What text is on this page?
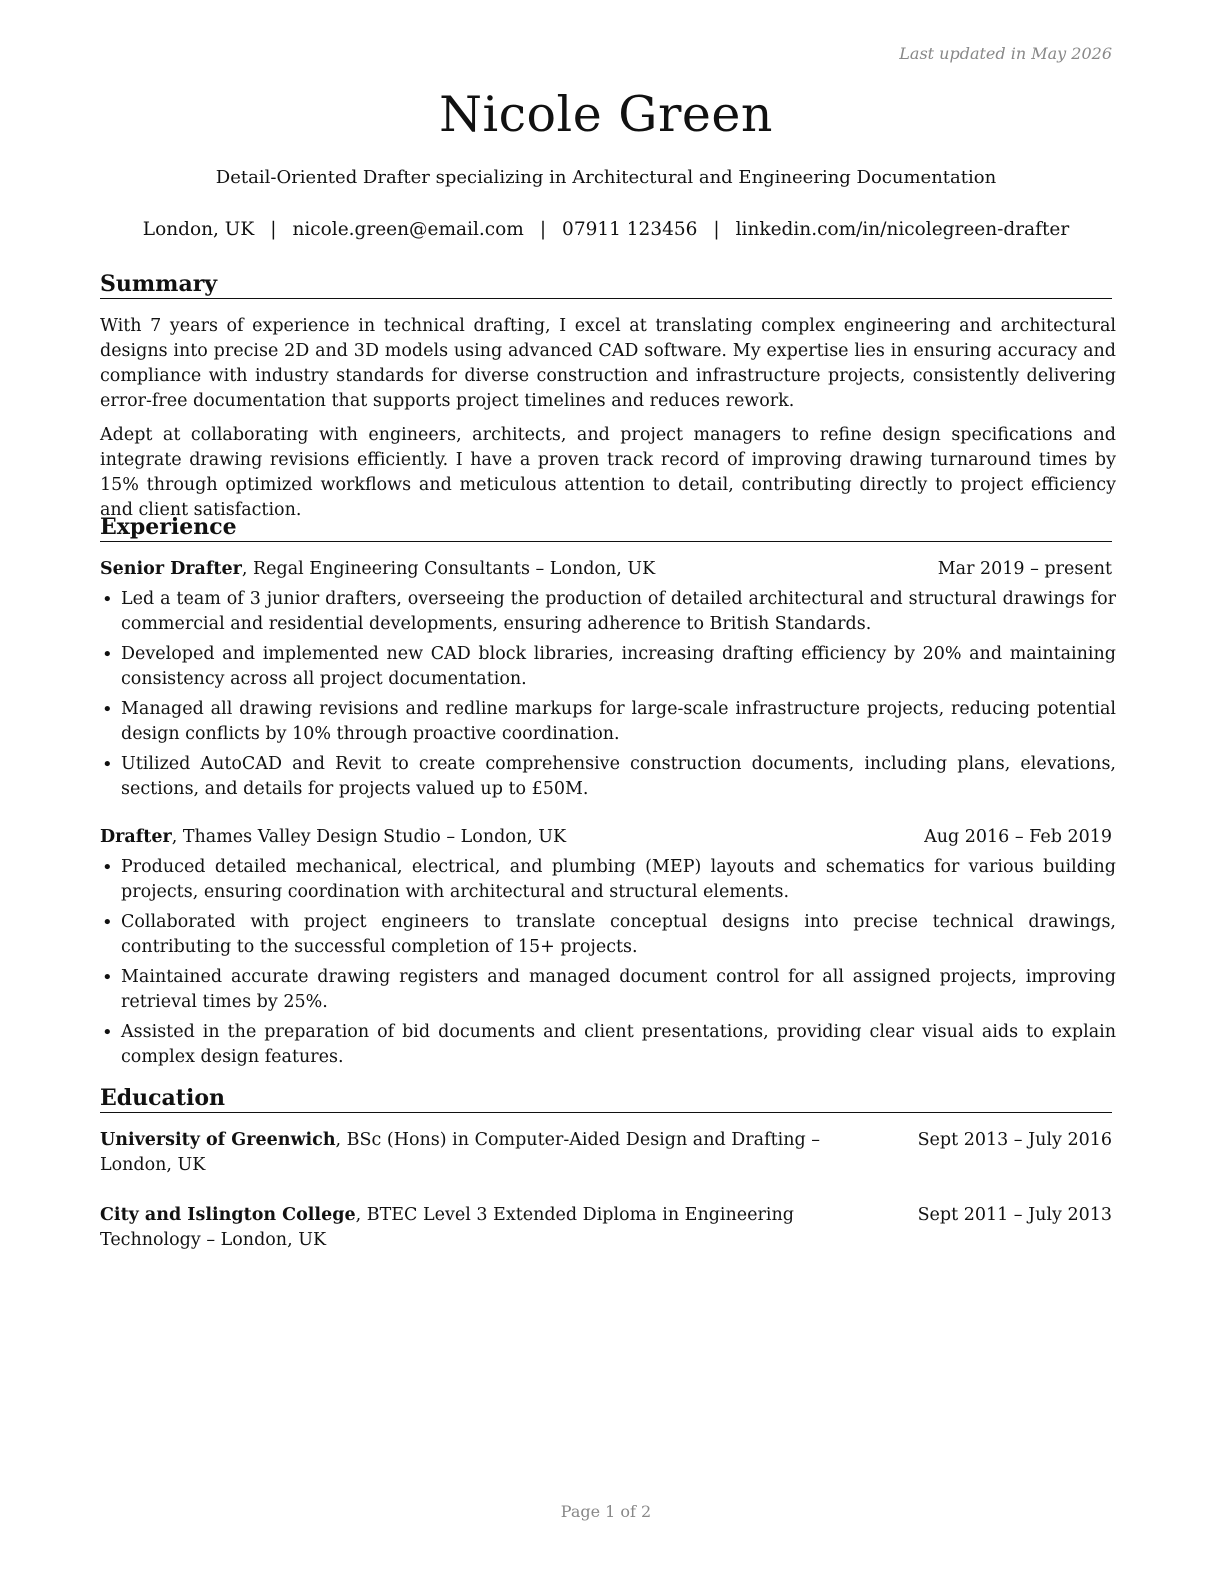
Last updated in May 2026
Nicole Green
Detail-Oriented Drafter specializing in Architectural and Engineering Documentation
London, UK | nicole.green@email.com | 07911 123456 | linkedin.com/in/nicolegreen-drafter
Summary

With 7 years of experience in technical drafting, I excel at translating complex engineering and architectural designs into precise 2D and 3D models using advanced CAD software. My expertise lies in ensuring accuracy and compliance with industry standards for diverse construction and infrastructure projects, consistently delivering error-free documentation that supports project timelines and reduces rework.

Adept at collaborating with engineers, architects, and project managers to refine design specifications and integrate drawing revisions efficiently. I have a proven track record of improving drawing turnaround times by 15% through optimized workflows and meticulous attention to detail, contributing directly to project efficiency and client satisfaction.

Experience
Senior Drafter, Regal Engineering Consultants – London, UK	Mar 2019 – present
• Led a team of 3 junior drafters, overseeing the production of detailed architectural and structural drawings for commercial and residential developments, ensuring adherence to British Standards.
• Developed and implemented new CAD block libraries, increasing drafting efficiency by 20% and maintaining consistency across all project documentation.
• Managed all drawing revisions and redline markups for large-scale infrastructure projects, reducing potential design conflicts by 10% through proactive coordination.
• Utilized AutoCAD and Revit to create comprehensive construction documents, including plans, elevations, sections, and details for projects valued up to £50M.
Drafter, Thames Valley Design Studio – London, UK	Aug 2016 – Feb 2019
• Produced detailed mechanical, electrical, and plumbing (MEP) layouts and schematics for various building projects, ensuring coordination with architectural and structural elements.
• Collaborated with project engineers to translate conceptual designs into precise technical drawings, contributing to the successful completion of 15+ projects.
• Maintained accurate drawing registers and managed document control for all assigned projects, improving retrieval times by 25%.
• Assisted in the preparation of bid documents and client presentations, providing clear visual aids to explain complex design features.
Education
University of Greenwich, BSc (Hons) in Computer-Aided Design and Drafting – London, UK
Sept 2013 – July 2016
City and Islington College, BTEC Level 3 Extended Diploma in Engineering Technology – London, UK
Sept 2011 – July 2013
Page 1 of 2
